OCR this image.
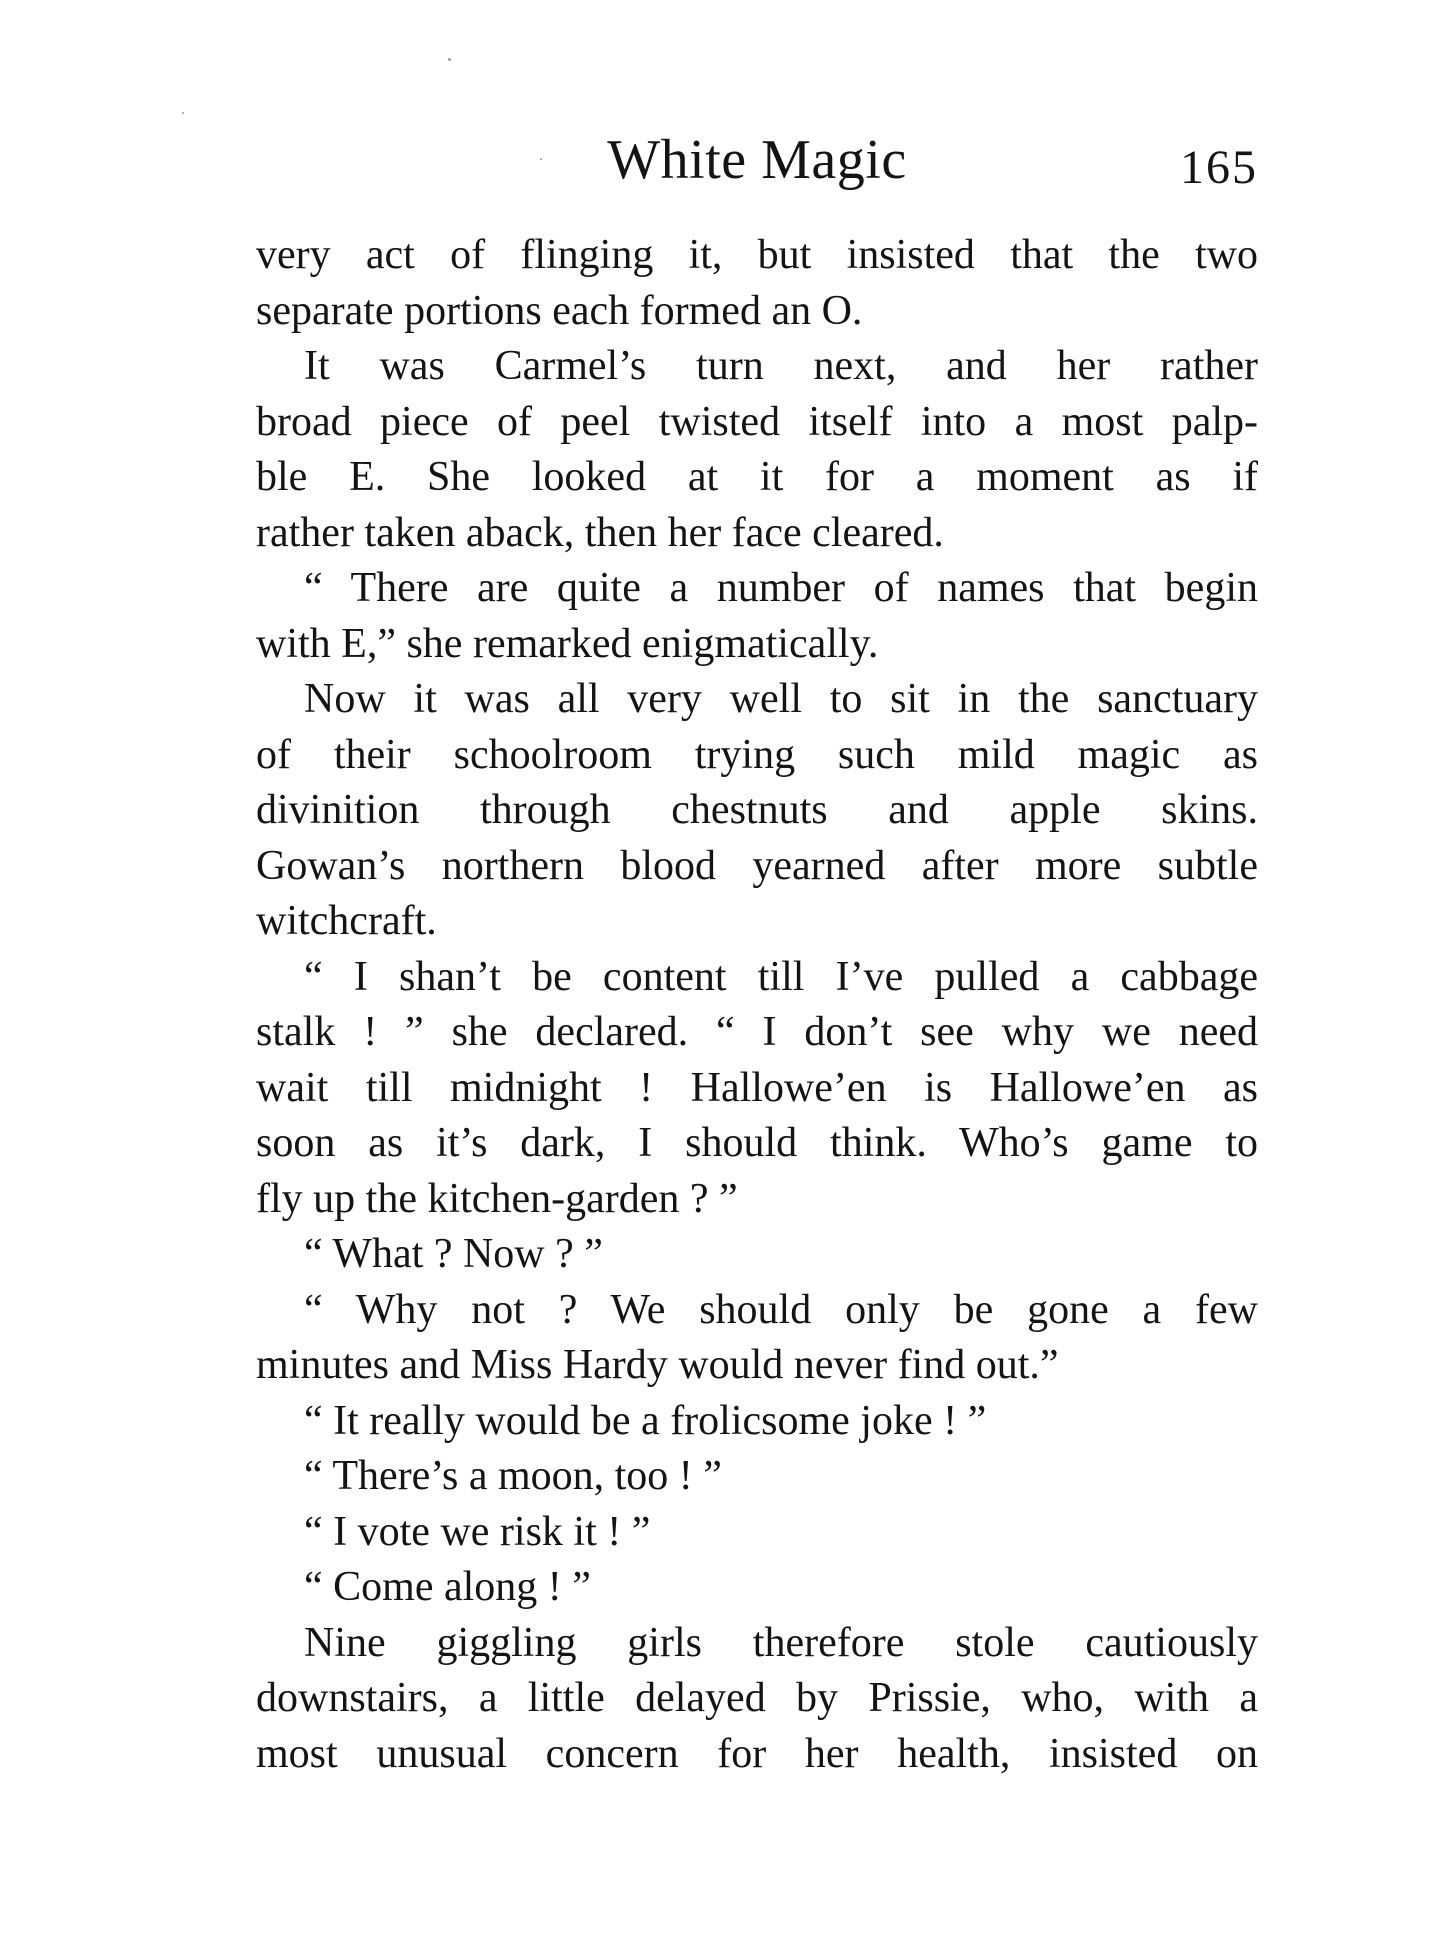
White Magic	165
very act of flinging it, but insisted that the two
separate portions each formed an O.
It was Carmel’s turn next, and her rather
broad piece of peel twisted itself into a most palp-
ble E. She looked at it for a moment as if
rather taken aback, then her face cleared.
“ There are quite a number of names that begin
with E,” she remarked enigmatically.
Now it was all very well to sit in the sanctuary
of their schoolroom trying such mild magic as
divinition through chestnuts and apple skins.
Gowan’s northern blood yearned after more subtle
witchcraft.
“ I shan’t be content till I’ve pulled a cabbage
stalk ! ” she declared. “ I don’t see why we need
wait till midnight ! Hallowe’en is Hallowe’en as
soon as it’s dark, I should think. Who’s game to
fly up the kitchen-garden ? ”
“ What ? Now ? ”
“ Why not ? We should only be gone a few
minutes and Miss Hardy would never find out.”
“ It really would be a frolicsome joke ! ”
“ There’s a moon, too ! ”
“ I vote we risk it ! ”
“ Come along ! ”
Nine giggling girls therefore stole cautiously
downstairs, a little delayed by Prissie, who, with a
most unusual concern for her health, insisted on
